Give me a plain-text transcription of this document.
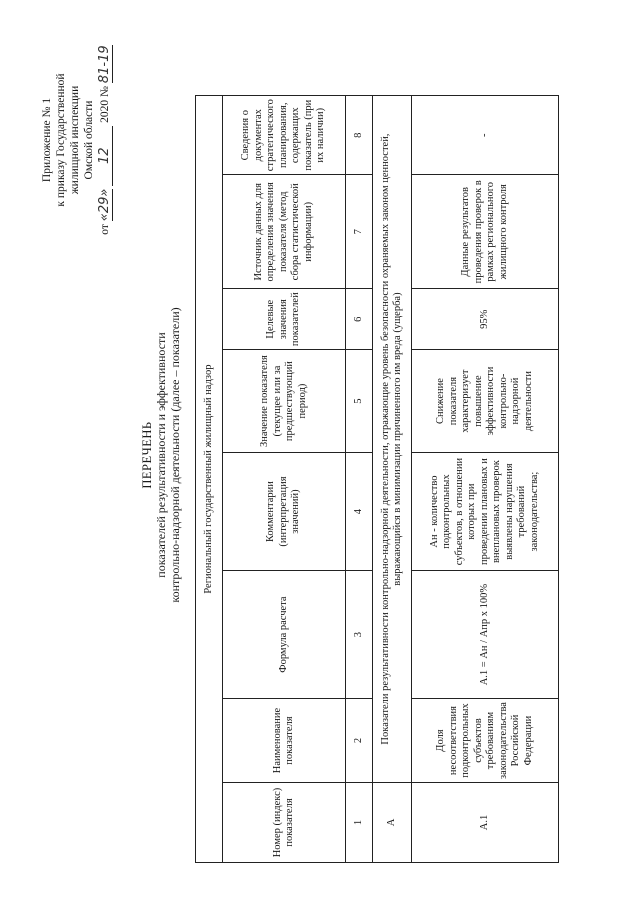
Приложение № 1 к приказу Государственной жилищной инспекции Омской области
от «29» 12 2020 № 81-19
ПЕРЕЧЕНЬ показателей результативности и эффективности контрольно-надзорной деятельности (далее – показатели) Региональный государственный жилищный надзор							
Номер (индекс) показателя	Наименование показателя	Формула расчета	Комментарии (интерпретация значений)	Значение показателя (текущее или за предшествующий период)	Целевые значения показателей	Источник данных для определения значения показателя (метод сбора статистической информации)	Сведения о документах стратегического планирования, содержащих показатель (при их наличии)
1	2	3	4	5	6	7	8
А	Показатели результативности контрольно-надзорной деятельности, отражающие уровень безопасности охраняемых законом ценностей, выражающийся в минимизации причиненного им вреда (ущерба)						
А.1	Доля несоответствия подконтрольных субъектов требованиям законодательства Российской Федерации	А.1 = Ан / Апр х 100%	Ан - количество подконтрольных субъектов, в отношении которых при проведении плановых и внеплановых проверок выявлены нарушения требований законодательства;	Снижение показателя характеризует повышение эффективности контрольно-надзорной деятельности	95%	Данные результатов проведения проверок в рамках регионального жилищного контроля	-
